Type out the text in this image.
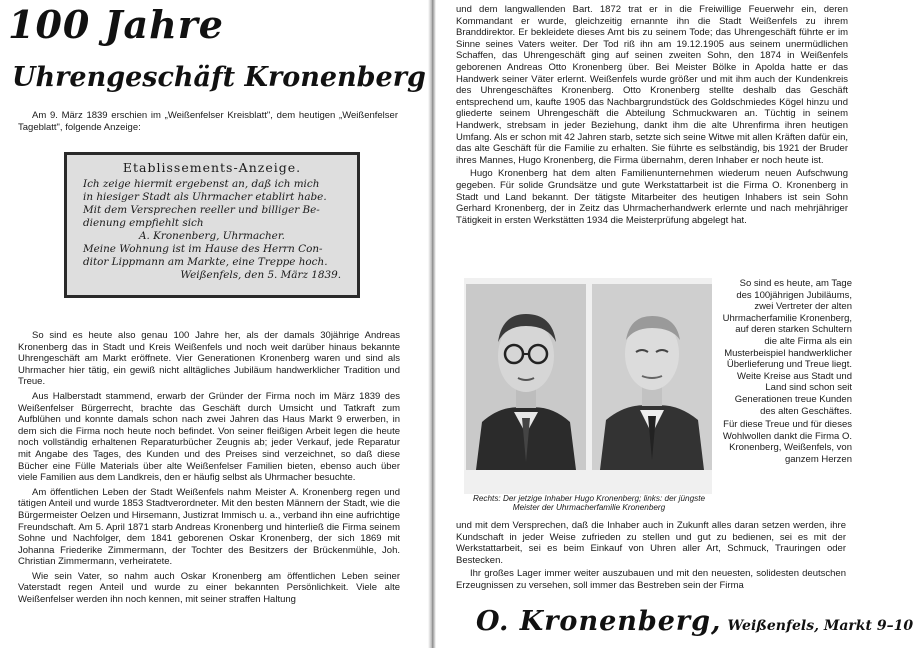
100 Jahre
Uhrengeschäft Kronenberg

Am 9. März 1839 erschien im „Weißenfelser Kreisblatt", dem heutigen „Weißenfelser Tageblatt", folgende Anzeige:

Etablissements-Anzeige.

Ich zeige hiermit ergebenst an, daß ich mich

in hiesiger Stadt als Uhrmacher etablirt habe.

Mit dem Versprechen reeller und billiger Be-

dienung empfiehlt sich

A. Kronenberg, Uhrmacher.

Meine Wohnung ist im Hause des Herrn Con-

ditor Lippmann am Markte, eine Treppe hoch.

Weißenfels, den 5. März 1839.

So sind es heute also genau 100 Jahre her, als der damals 30jährige Andreas Kronenberg das in Stadt und Kreis Weißenfels und noch weit darüber hinaus bekannte Uhrengeschäft am Markt eröffnete. Vier Generationen Kronenberg waren und sind als Uhrmacher hier tätig, ein gewiß nicht alltägliches Jubiläum handwerklicher Tradition und Treue.

Aus Halberstadt stammend, erwarb der Gründer der Firma noch im März 1839 des Weißenfelser Bürgerrecht, brachte das Geschäft durch Umsicht und Tatkraft zum Aufblühen und konnte damals schon nach zwei Jahren das Haus Markt 9 erwerben, in dem sich die Firma noch heute noch befindet. Von seiner fleißigen Arbeit legen die heute noch vollständig erhaltenen Reparaturbücher Zeugnis ab; jeder Verkauf, jede Reparatur mit Angabe des Tages, des Kunden und des Preises sind verzeichnet, so daß diese Bücher eine Fülle Materials über alte Weißenfelser Familien bieten, ebenso auch über viele Familien aus dem Landkreis, den er häufig selbst als Uhrmacher besuchte.

Am öffentlichen Leben der Stadt Weißenfels nahm Meister A. Kronenberg regen und tätigen Anteil und wurde 1853 Stadtverordneter. Mit den besten Männern der Stadt, wie die Bürgermeister Oelzen und Hirsemann, Justizrat Immisch u. a., verband ihn eine aufrichtige Freundschaft. Am 5. April 1871 starb Andreas Kronenberg und hinterließ die Firma seinem Sohne und Nachfolger, dem 1841 geborenen Oskar Kronenberg, der sich 1869 mit Johanna Friederike Zimmermann, der Tochter des Besitzers der Brückenmühle, Joh. Christian Zimmermann, verheiratete.

Wie sein Vater, so nahm auch Oskar Kronenberg am öffentlichen Leben seiner Vaterstadt regen Anteil und wurde zu einer bekannten Persönlichkeit. Viele alte Weißenfelser werden ihn noch kennen, mit seiner straffen Haltung

und dem langwallenden Bart. 1872 trat er in die Freiwillige Feuerwehr ein, deren Kommandant er wurde, gleichzeitig ernannte ihn die Stadt Weißenfels zu ihrem Branddirektor. Er bekleidete dieses Amt bis zu seinem Tode; das Uhrengeschäft führte er im Sinne seines Vaters weiter. Der Tod riß ihn am 19.12.1905 aus seinem unermüdlichen Schaffen, das Uhrengeschäft ging auf seinen zweiten Sohn, den 1874 in Weißenfels geborenen Andreas Otto Kronenberg über. Bei Meister Bölke in Apolda hatte er das Handwerk seiner Väter erlernt. Weißenfels wurde größer und mit ihm auch der Kundenkreis des Uhrengeschäftes Kronenberg. Otto Kronenberg stellte deshalb das Geschäft entsprechend um, kaufte 1905 das Nachbargrundstück des Goldschmiedes Kögel hinzu und gliederte seinem Uhrengeschäft die Abteilung Schmuckwaren an. Tüchtig in seinem Handwerk, strebsam in jeder Beziehung, dankt ihm die alte Uhrenfirma ihren heutigen Umfang. Als er schon mit 42 Jahren starb, setzte sich seine Witwe mit allen Kräften dafür ein, das alte Geschäft für die Familie zu erhalten. Sie führte es selbständig, bis 1921 der Bruder ihres Mannes, Hugo Kronenberg, die Firma übernahm, deren Inhaber er noch heute ist.

Hugo Kronenberg hat dem alten Familienunternehmen wiederum neuen Aufschwung gegeben. Für solide Grundsätze und gute Werkstattarbeit ist die Firma O. Kronenberg in Stadt und Land bekannt. Der tätigste Mitarbeiter des heutigen Inhabers ist sein Sohn Gerhard Kronenberg, der in Zeitz das Uhrmacherhandwerk erlernte und nach mehrjähriger Tätigkeit in ersten Werkstätten 1934 die Meisterprüfung abgelegt hat.

Rechts: Der jetzige Inhaber Hugo Kronenberg; links: der jüngste Meister der Uhrmacherfamilie Kronenberg

So sind es heute, am Tage des 100jährigen Jubiläums, zwei Vertreter der alten Uhrmacherfamilie Kronenberg, auf deren starken Schultern die alte Firma als ein Musterbeispiel handwerklicher Überlieferung und Treue liegt. Weite Kreise aus Stadt und Land sind schon seit Generationen treue Kunden des alten Geschäftes.

Für diese Treue und für dieses Wohlwollen dankt die Firma O. Kronenberg, Weißenfels, von ganzem Herzen

und mit dem Versprechen, daß die Inhaber auch in Zukunft alles daran setzen werden, ihre Kundschaft in jeder Weise zufrieden zu stellen und gut zu bedienen, sei es mit der Werkstattarbeit, sei es beim Einkauf von Uhren aller Art, Schmuck, Trauringen oder Bestecken.

Ihr großes Lager immer weiter auszubauen und mit den neuesten, solidesten deutschen Erzeugnissen zu versehen, soll immer das Bestreben sein der Firma

O. Kronenberg, Weißenfels, Markt 9–10
